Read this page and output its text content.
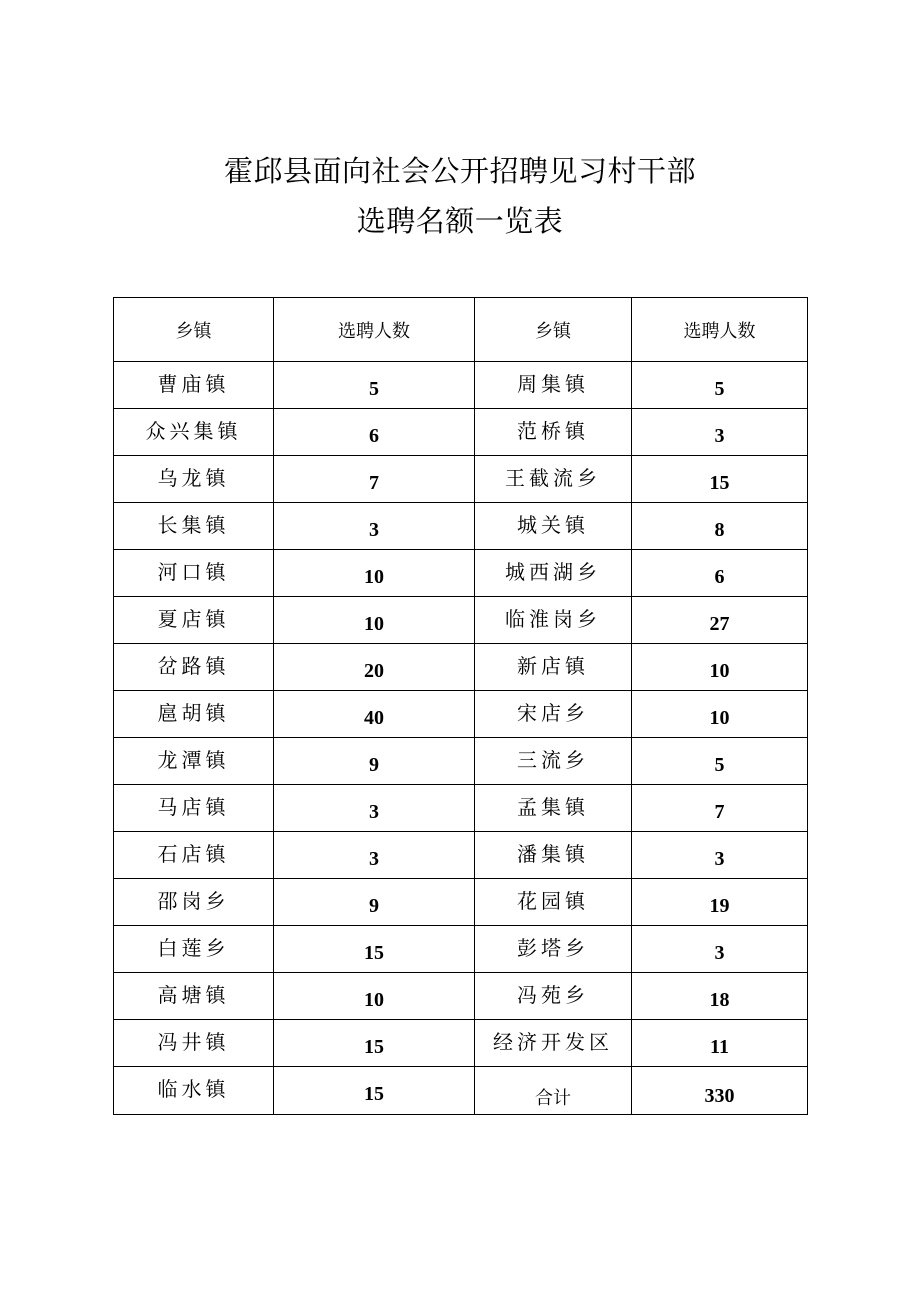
霍邱县面向社会公开招聘见习村干部
选聘名额一览表
乡镇	选聘人数	乡镇	选聘人数
曹庙镇	5	周集镇	5
众兴集镇	6	范桥镇	3
乌龙镇	7	王截流乡	15
长集镇	3	城关镇	8
河口镇	10	城西湖乡	6
夏店镇	10	临淮岗乡	27
岔路镇	20	新店镇	10
扈胡镇	40	宋店乡	10
龙潭镇	9	三流乡	5
马店镇	3	孟集镇	7
石店镇	3	潘集镇	3
邵岗乡	9	花园镇	19
白莲乡	15	彭塔乡	3
高塘镇	10	冯苑乡	18
冯井镇	15	经济开发区	11
临水镇	15	合计	330
